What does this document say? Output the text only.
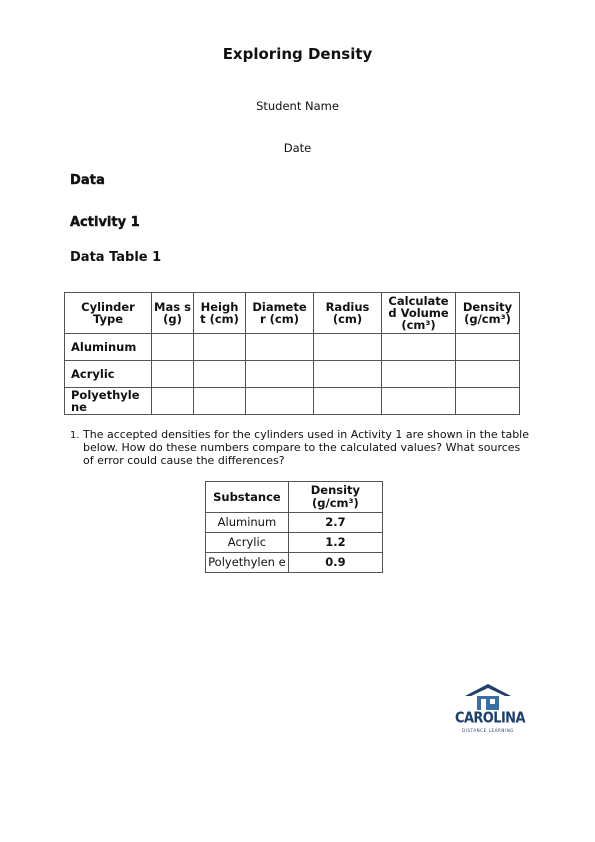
Exploring Density
Student Name
Date
Data
Activity 1
Data Table 1
Cylinder Type	Mas s (g)	Heigh t (cm)	Diamete r (cm)	Radius (cm)	Calculate d Volume (cm³)	Density (g/cm³)
Aluminum						
Acrylic						
Polyethyle ne						
1. The accepted densities for the cylinders used in Activity 1 are shown in the table below. How do these numbers compare to the calculated values? What sources of error could cause the differences?
Substance	Density (g/cm³)
Aluminum	2.7
Acrylic	1.2
Polyethylen e	0.9
CAROLINA
DISTANCE LEARNING
